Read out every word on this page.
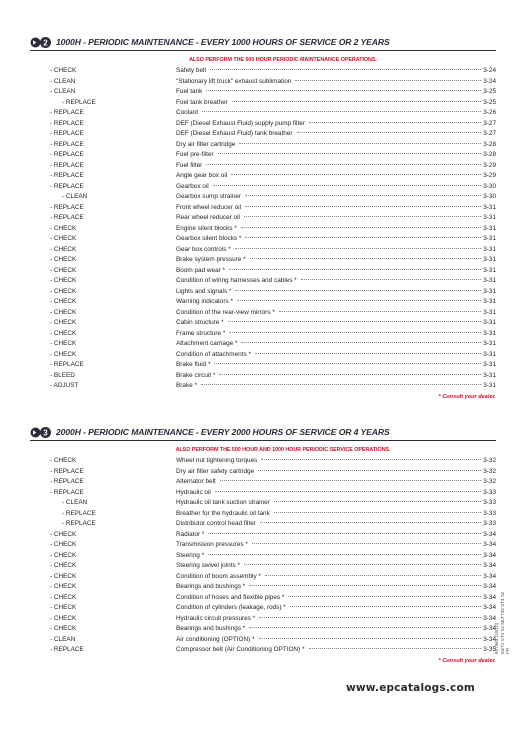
2 1000H - PERIODIC MAINTENANCE - EVERY 1000 HOURS OF SERVICE OR 2 YEARS
ALSO PERFORM THE 500 HOUR PERIODIC MAINTENANCE OPERATIONS.
- CHECK	Safety belt	3-24
- CLEAN	"Stationary lift truck" exhaust sublimation	3-24
- CLEAN	Fuel tank	3-25
- REPLACE	Fuel tank breather	3-25
- REPLACE	Coolant	3-26
- REPLACE	DEF (Diesel Exhaust Fluid) supply pump filter	3-27
- REPLACE	DEF (Diesel Exhaust Fluid) tank breather	3-27
- REPLACE	Dry air filter cartridge	3-28
- REPLACE	Fuel pre-filter	3-28
- REPLACE	Fuel filter	3-29
- REPLACE	Angle gear box oil	3-29
- REPLACE	Gearbox oil	3-30
- CLEAN	Gearbox sump strainer	3-30
- REPLACE	Front wheel reducer oil	3-31
- REPLACE	Rear wheel reducer oil	3-31
- CHECK	Engine silent blocks *	3-31
- CHECK	Gearbox silent blocks *	3-31
- CHECK	Gear box controls *	3-31
- CHECK	Brake system pressure *	3-31
- CHECK	Boom pad wear *	3-31
- CHECK	Condition of wiring harnesses and cables *	3-31
- CHECK	Lights and signals *	3-31
- CHECK	Warning indicators *	3-31
- CHECK	Condition of the rear-view mirrors *	3-31
- CHECK	Cabin structure *	3-31
- CHECK	Frame structure *	3-31
- CHECK	Attachment carriage *	3-31
- CHECK	Condition of attachments *	3-31
- REPLACE	Brake fluid *	3-31
- BLEED	Brake circuit *	3-31
- ADJUST	Brake *	3-31
* Consult your dealer.
3 2000H - PERIODIC MAINTENANCE - EVERY 2000 HOURS OF SERVICE OR 4 YEARS
ALSO PERFORM THE 500 HOUR AND 1000 HOUR PERIODIC SERVICE OPERATIONS.
- CHECK	Wheel nut tightening torques	3-32
- REPLACE	Dry air filter safety cartridge	3-32
- REPLACE	Alternator belt	3-32
- REPLACE	Hydraulic oil	3-33
- CLEAN	Hydraulic oil tank suction strainer	3-33
- REPLACE	Breather for the hydraulic oil tank	3-33
- REPLACE	Distributor control head filter	3-33
- CHECK	Radiator *	3-34
- CHECK	Transmission pressures *	3-34
- CHECK	Steering *	3-34
- CHECK	Steering swivel joints *	3-34
- CHECK	Condition of boom assembly *	3-34
- CHECK	Bearings and bushings *	3-34
- CHECK	Condition of hoses and flexible pipes *	3-34
- CHECK	Condition of cylinders (leakage, rods) *	3-34
- CHECK	Hydraulic circuit pressures *	3-34
- CHECK	Bearings and bushings *	3-34
- CLEAN	Air conditioning (OPTION) *	3-34
- REPLACE	Compressor belt (Air Conditioning OPTION) *	3-35
* Consult your dealer.
647963 (20/10) 63/72 ST4 S2 MLT735 ST4 S2 FR
www.epcatalogs.com
